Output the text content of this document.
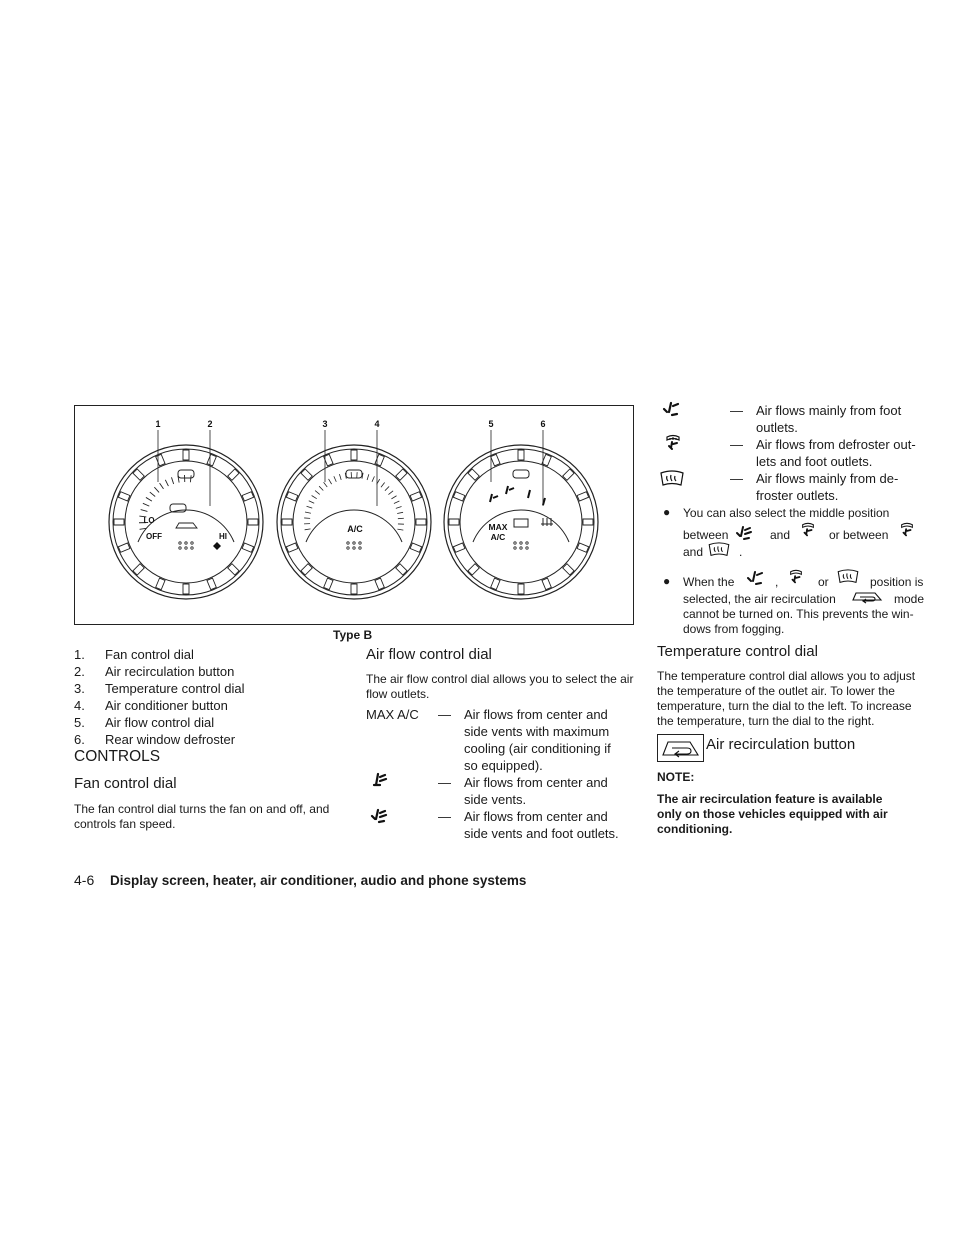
1	2	3	4	5	6
LO
OFF	HI
A/C	MAX
A/C
Type B
1. Fan control dial
2. Air recirculation button
3. Temperature control dial
4. Air conditioner button
5. Air flow control dial
6. Rear window defroster
CONTROLS
Fan control dial
The fan control dial turns the fan on and off, and controls fan speed.
Air flow control dial
The air flow control dial allows you to select the air flow outlets.
MAX A/C — Air flows from center and
side vents with maximum
cooling (air conditioning if
so equipped).
— Air flows from center and
side vents.
— Air flows from center and
side vents and foot outlets.
— Air flows mainly from foot
outlets.
— Air flows from defroster out-
lets and foot outlets.
— Air flows mainly from de-
froster outlets.
● You can also select the middle position
between	and	or between
and	.
● When the	,	or	position is
selected, the air recirculation	mode
cannot be turned on. This prevents the win-
dows from fogging.
Temperature control dial
The temperature control dial allows you to adjust
the temperature of the outlet air. To lower the
temperature, turn the dial to the left. To increase
the temperature, turn the dial to the right.
Air recirculation button
NOTE:
The air recirculation feature is available
only on those vehicles equipped with air
conditioning.
4-6 Display screen, heater, air conditioner, audio and phone systems
